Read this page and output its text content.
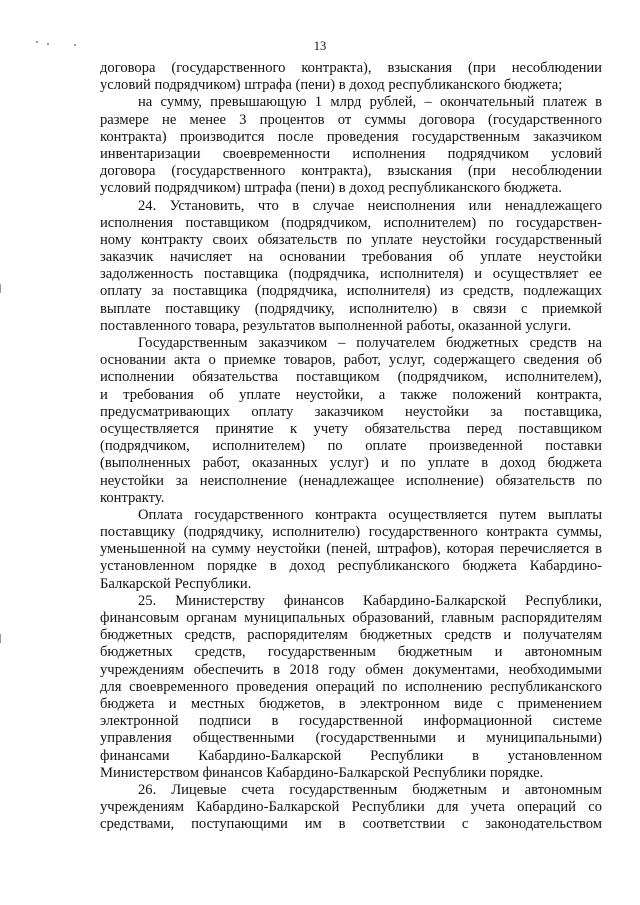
13
договора (государственного контракта), взыскания (при несоблюдении
условий подрядчиком) штрафа (пени) в доход республиканского бюджета;
на сумму, превышающую 1 млрд рублей, – окончательный платеж в
размере не менее 3 процентов от суммы договора (государственного
контракта) производится после проведения государственным заказчиком
инвентаризации своевременности исполнения подрядчиком условий
договора (государственного контракта), взыскания (при несоблюдении
условий подрядчиком) штрафа (пени) в доход республиканского бюджета.
24. Установить, что в случае неисполнения или ненадлежащего
исполнения поставщиком (подрядчиком, исполнителем) по государствен-
ному контракту своих обязательств по уплате неустойки государственный
заказчик начисляет на основании требования об уплате неустойки
задолженность поставщика (подрядчика, исполнителя) и осуществляет ее
оплату за поставщика (подрядчика, исполнителя) из средств, подлежащих
выплате поставщику (подрядчику, исполнителю) в связи с приемкой
поставленного товара, результатов выполненной работы, оказанной услуги.
Государственным заказчиком – получателем бюджетных средств на
основании акта о приемке товаров, работ, услуг, содержащего сведения об
исполнении обязательства поставщиком (подрядчиком, исполнителем),
и требования об уплате неустойки, а также положений контракта,
предусматривающих оплату заказчиком неустойки за поставщика,
осуществляется принятие к учету обязательства перед поставщиком
(подрядчиком, исполнителем) по оплате произведенной поставки
(выполненных работ, оказанных услуг) и по уплате в доход бюджета
неустойки за неисполнение (ненадлежащее исполнение) обязательств по
контракту.
Оплата государственного контракта осуществляется путем выплаты
поставщику (подрядчику, исполнителю) государственного контракта суммы,
уменьшенной на сумму неустойки (пеней, штрафов), которая перечисляется в
установленном порядке в доход республиканского бюджета Кабардино-
Балкарской Республики.
25. Министерству финансов Кабардино-Балкарской Республики,
финансовым органам муниципальных образований, главным распорядителям
бюджетных средств, распорядителям бюджетных средств и получателям
бюджетных средств, государственным бюджетным и автономным
учреждениям обеспечить в 2018 году обмен документами, необходимыми
для своевременного проведения операций по исполнению республиканского
бюджета и местных бюджетов, в электронном виде с применением
электронной подписи в государственной информационной системе
управления общественными (государственными и муниципальными)
финансами Кабардино-Балкарской Республики в установленном
Министерством финансов Кабардино-Балкарской Республики порядке.
26. Лицевые счета государственным бюджетным и автономным
учреждениям Кабардино-Балкарской Республики для учета операций со
средствами, поступающими им в соответствии с законодательством
